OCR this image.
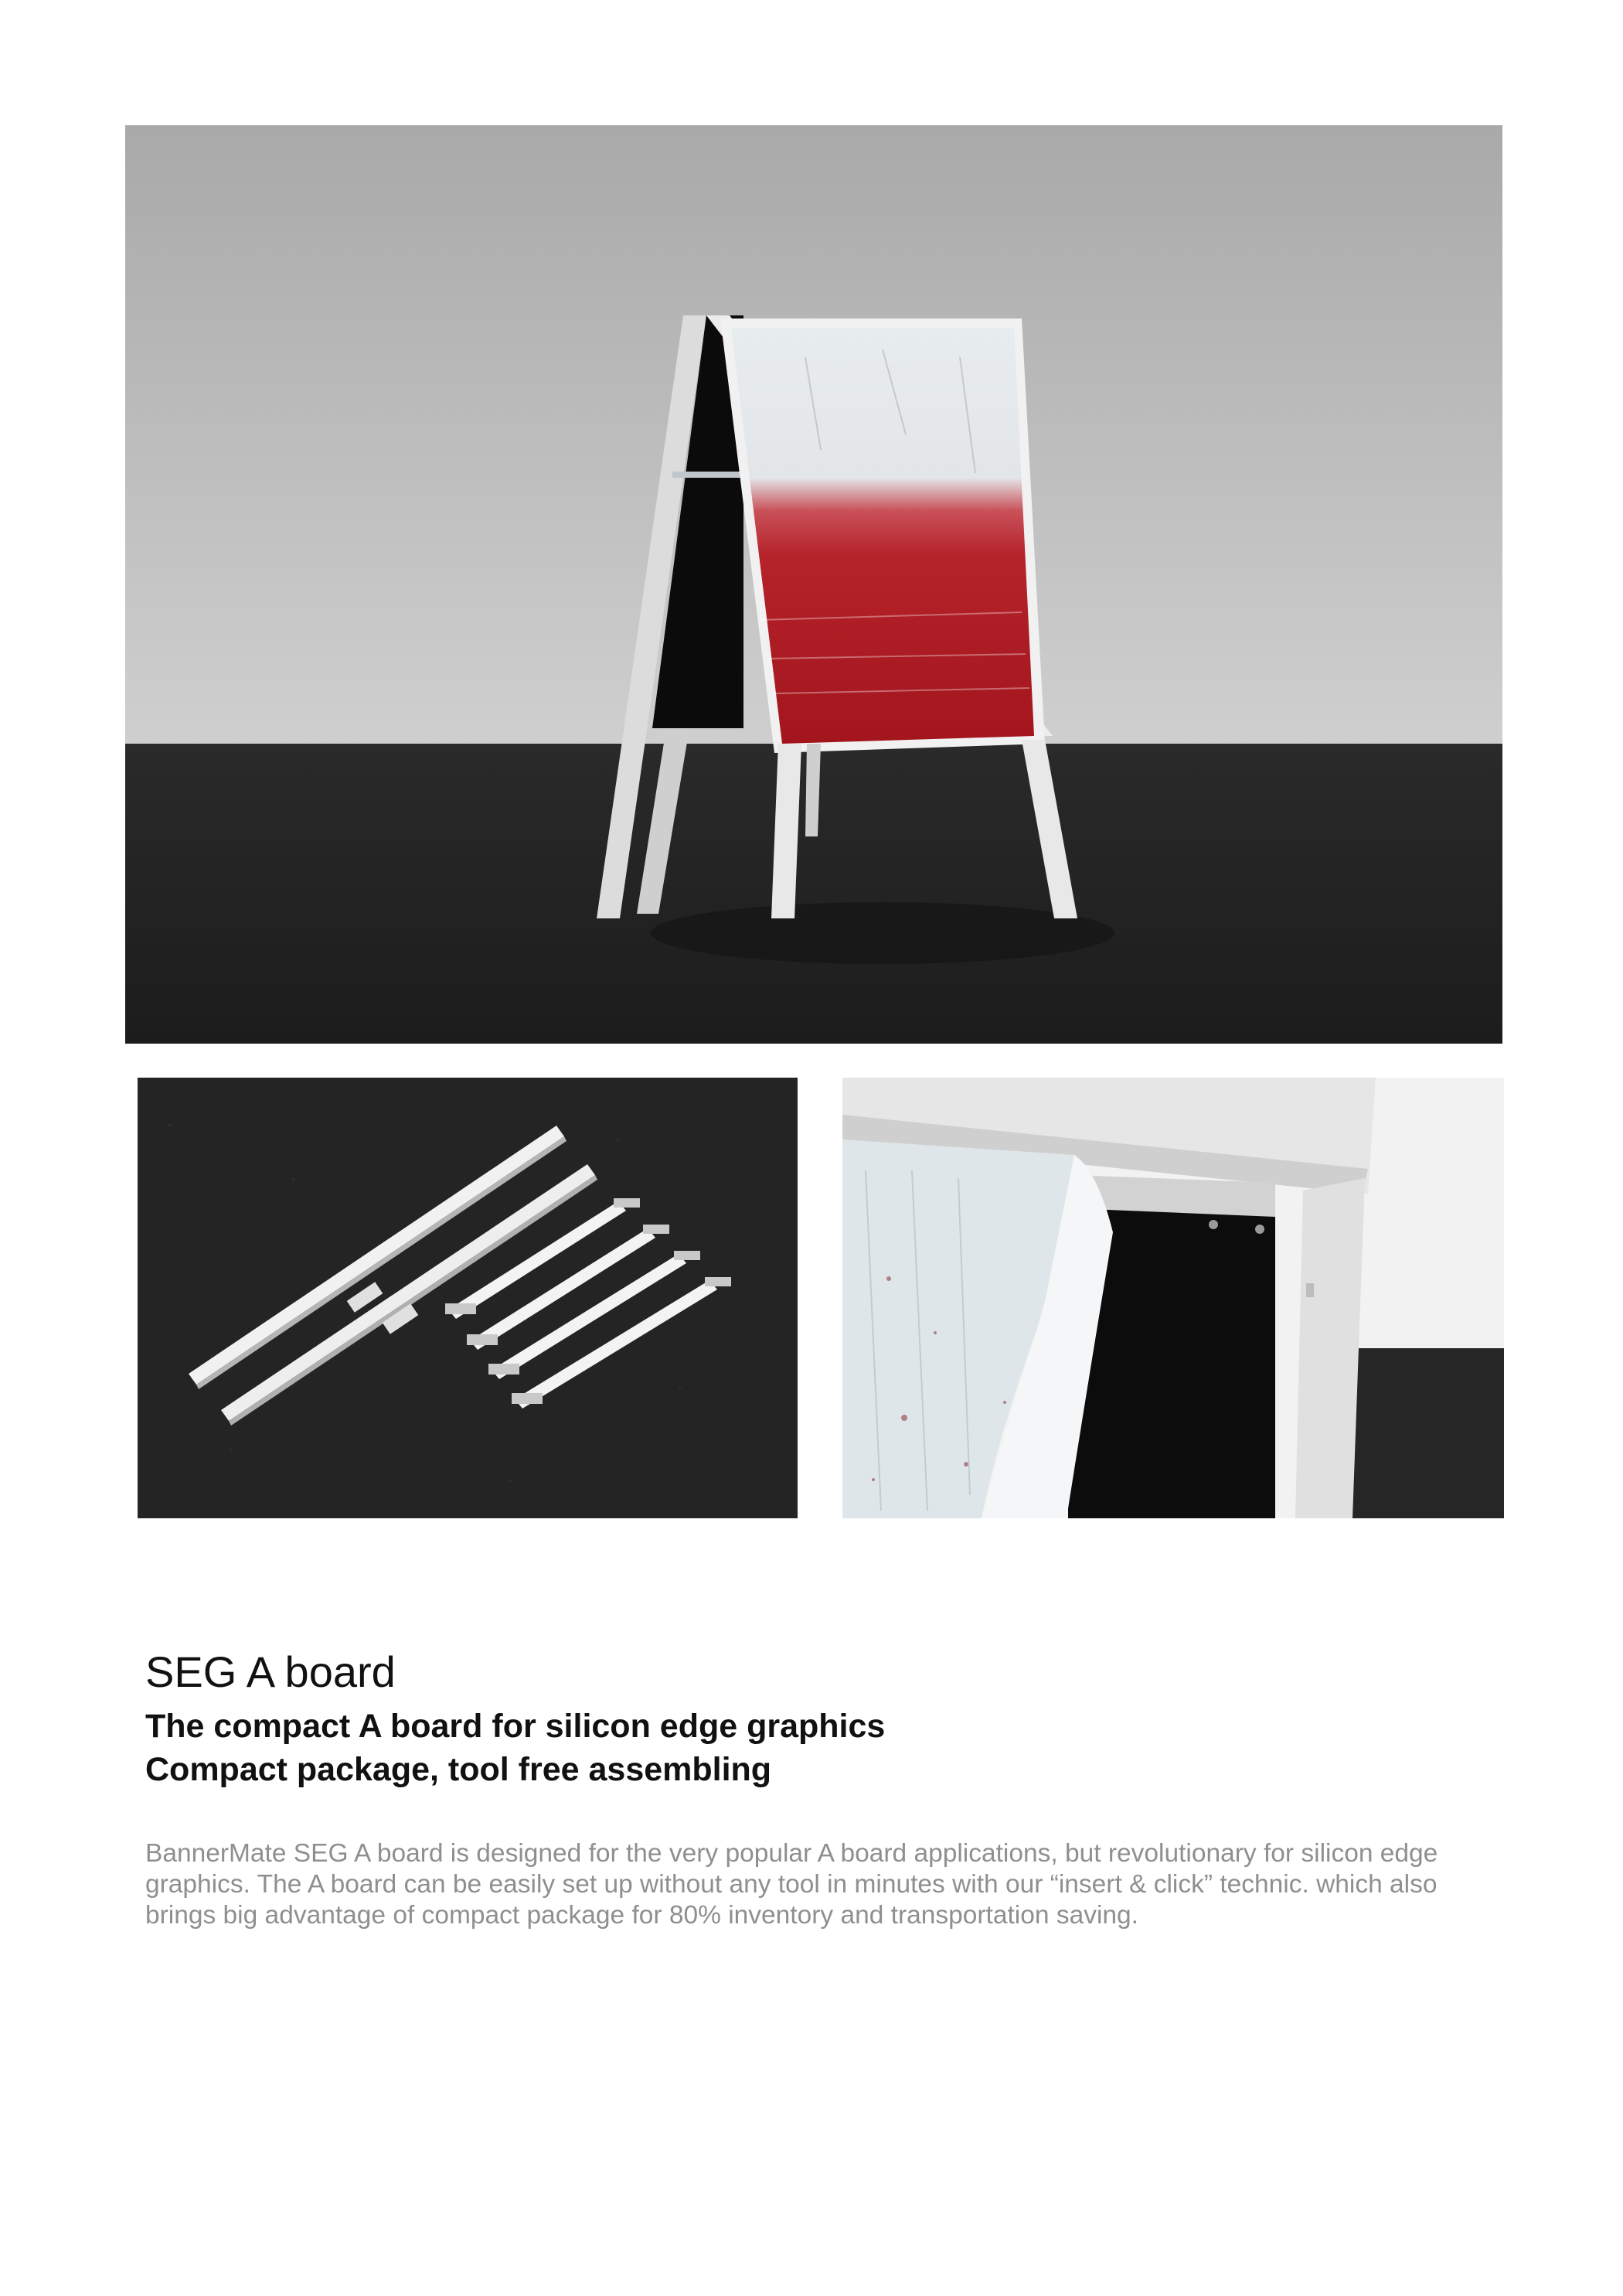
SEG A board
The compact A board for silicon edge graphics
Compact package, tool free assembling

BannerMate SEG A board is designed for the very popular A board applications, but revolutionary for silicon edge graphics. The A board can be easily set up without any tool in minutes with our “insert & click” technic. which also brings big advantage of compact package for 80% inventory and transportation saving.
